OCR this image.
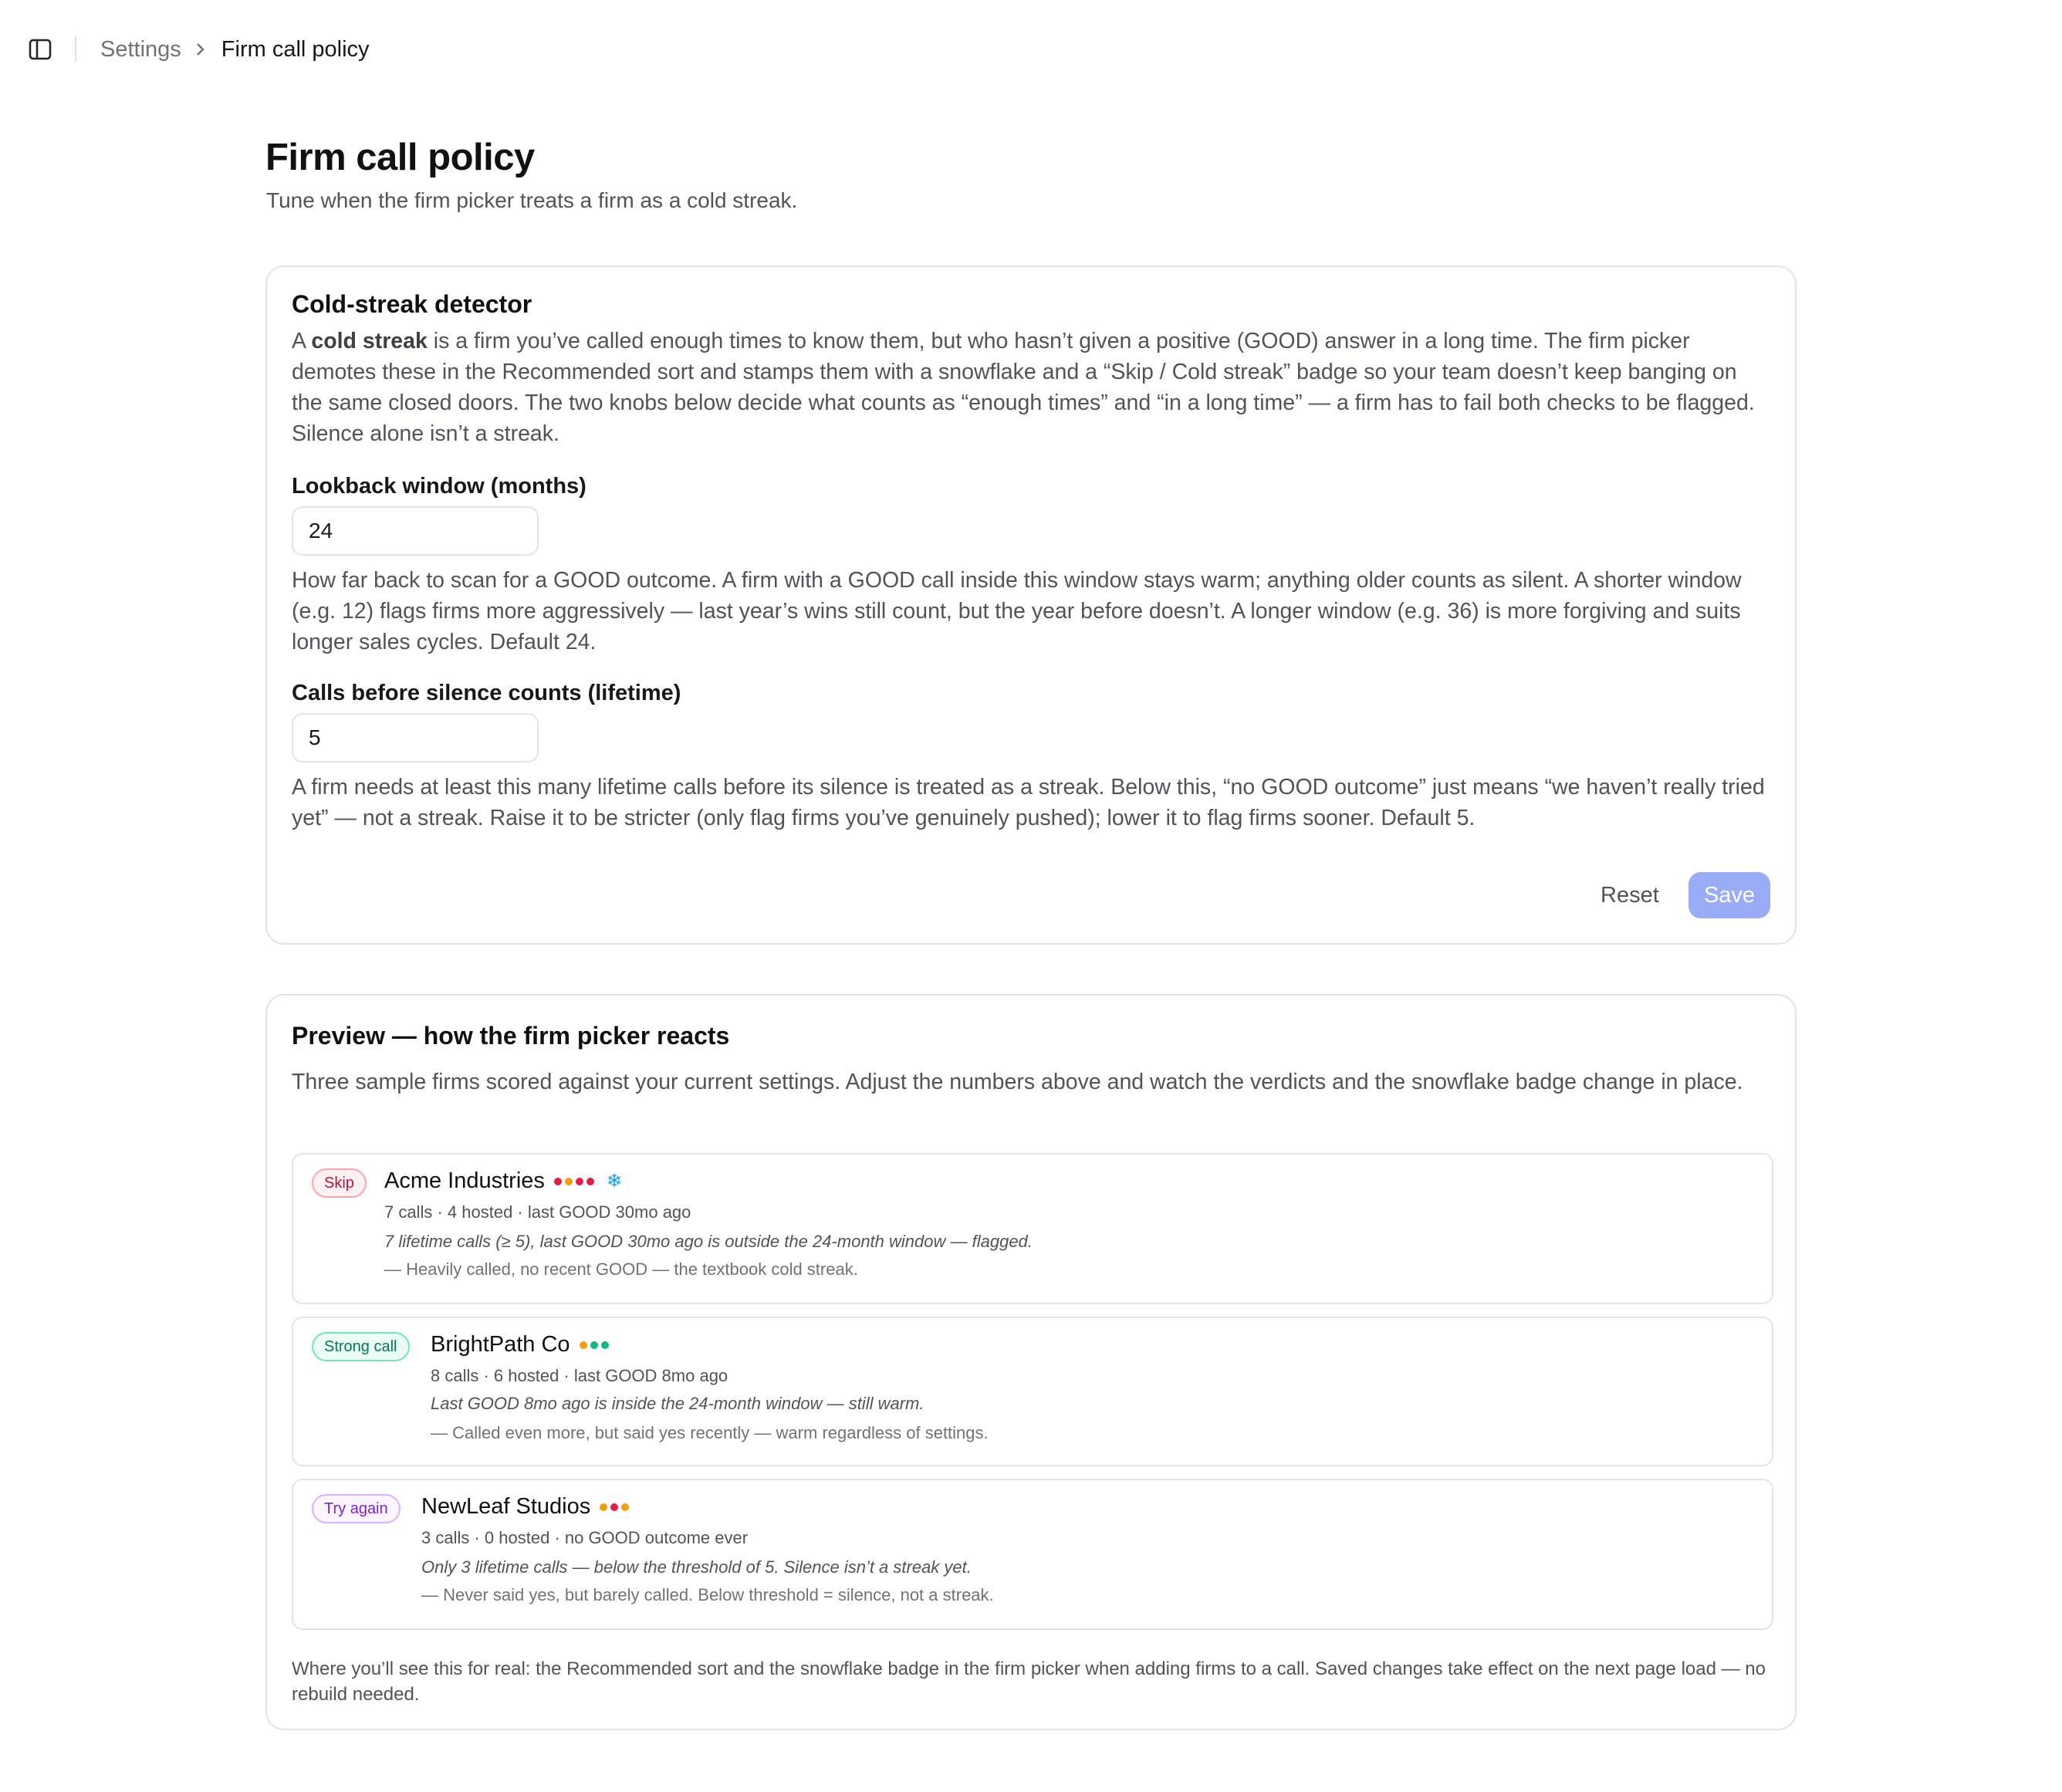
Settings Firm call policy
Firm call policy

Tune when the firm picker treats a firm as a cold streak.

Cold-streak detector

A cold streak is a firm you’ve called enough times to know them, but who hasn’t given a positive (GOOD) answer in a long time. The firm picker demotes these in the Recommended sort and stamps them with a snowflake and a “Skip / Cold streak” badge so your team doesn’t keep banging on the same closed doors. The two knobs below decide what counts as “enough times” and “in a long time” — a firm has to fail both checks to be flagged. Silence alone isn’t a streak.

Lookback window (months)
24

How far back to scan for a GOOD outcome. A firm with a GOOD call inside this window stays warm; anything older counts as silent. A shorter window (e.g. 12) flags firms more aggressively — last year’s wins still count, but the year before doesn’t. A longer window (e.g. 36) is more forgiving and suits longer sales cycles. Default 24.

Calls before silence counts (lifetime)
5

A firm needs at least this many lifetime calls before its silence is treated as a streak. Below this, “no GOOD outcome” just means “we haven’t really tried yet” — not a streak. Raise it to be stricter (only flag firms you’ve genuinely pushed); lower it to flag firms sooner. Default 5.

Reset	Save
Preview — how the firm picker reacts

Three sample firms scored against your current settings. Adjust the numbers above and watch the verdicts and the snowflake badge change in place.

Skip	Acme Industries	❄
7 calls · 4 hosted · last GOOD 30mo ago
7 lifetime calls (≥ 5), last GOOD 30mo ago is outside the 24-month window — flagged.
— Heavily called, no recent GOOD — the textbook cold streak.
Strong call	BrightPath Co
8 calls · 6 hosted · last GOOD 8mo ago
Last GOOD 8mo ago is inside the 24-month window — still warm.
— Called even more, but said yes recently — warm regardless of settings.
Try again	NewLeaf Studios
3 calls · 0 hosted · no GOOD outcome ever
Only 3 lifetime calls — below the threshold of 5. Silence isn’t a streak yet.
— Never said yes, but barely called. Below threshold = silence, not a streak.

Where you’ll see this for real: the Recommended sort and the snowflake badge in the firm picker when adding firms to a call. Saved changes take effect on the next page load — no rebuild needed.
